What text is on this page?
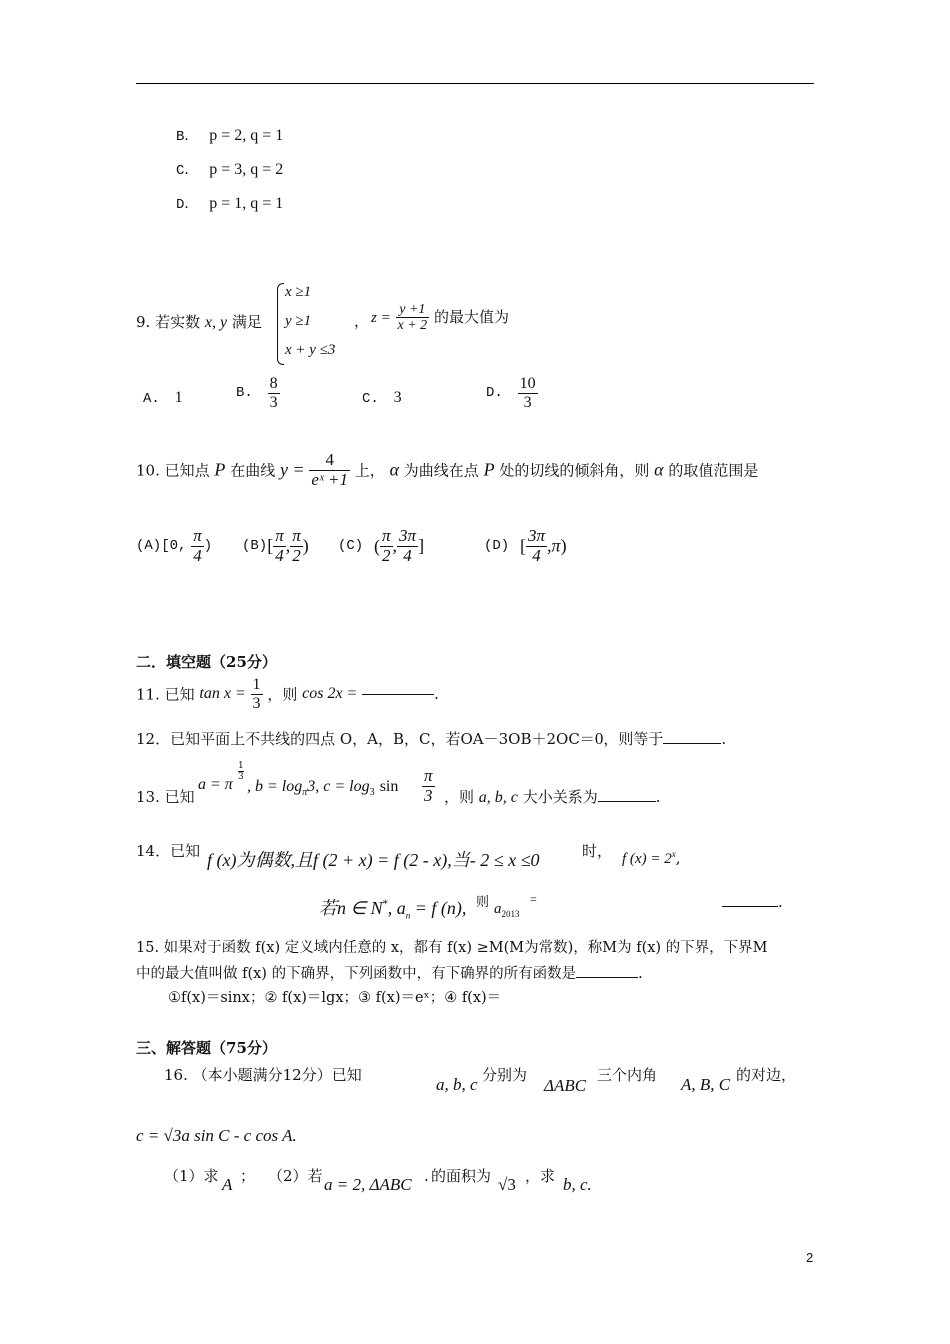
B． p = 2, q = 1
C． p = 3, q = 2
D． p = 1, q = 1
9. 若实数 x, y 满足
x ≥1
y ≥1
x + y ≤3
， $z = \frac{y +1}{x + 2}$ 的最大值为
A. 1	B. $\frac{8}{3}$	C. 3	D. $\frac{10}{3}$
10. 已知点 P 在曲线 $y = \frac{4}{\text{eˣ +1}}$ 上， α 为曲线在点 P 处的切线的倾斜角，则 α 的取值范围是
(A)[0, $\frac{\pi}{4}$ ) $(B)[ \frac{\pi}{4}$ , $\frac{\pi}{2}$ ) (C) ( $\frac{\pi}{2}$ , $\frac{3\pi}{4}$ ]	(D) [ $\frac{3\pi}{4} ,\pi$)
二．填空题（25分）
11. 已知 $\tan x = \frac{1}{3}$ ，则 cos 2x =	.
12．已知平面上不共线的四点 O，A，B，C，若OA－3OB＋2OC＝0，则等于	.
13. 已知
a = π
1
3
, $b = \log_\pi 3$, $c = \log_3 \sin \frac{\pi}{3}$ ，则 a, b, c 大小关系为	.
14．已知 f (x)为偶数,且f (2 + x) = f (2 - x),当- 2 ≤ x ≤0	时， f $(x) = 2^x$,
若n ∈ N*, $a_n = f$ (n), 则 $a_{2013}$
=	.
15. 如果对于函数 f(x) 定义域内任意的 x，都有 f(x) ≥M(M为常数)，称M为 f(x) 的下界，下界M
中的最大值叫做 f(x) 的下确界，下列函数中，有下确界的所有函数是	.
①f(x)＝sinx；② f(x)＝lgx；③ f(x)＝eˣ；④ f(x)＝
三、解答题（75分）
16. （本小题满分12分）已知	a, b, c 分别为
ΔABC
三个内角 A, B, C 的对边，
c = √3a sin C - c cos A.
（1）求 A ； （2）若 a = 2, ΔABC . 的面积为 √3 ，求 b, c.
2
